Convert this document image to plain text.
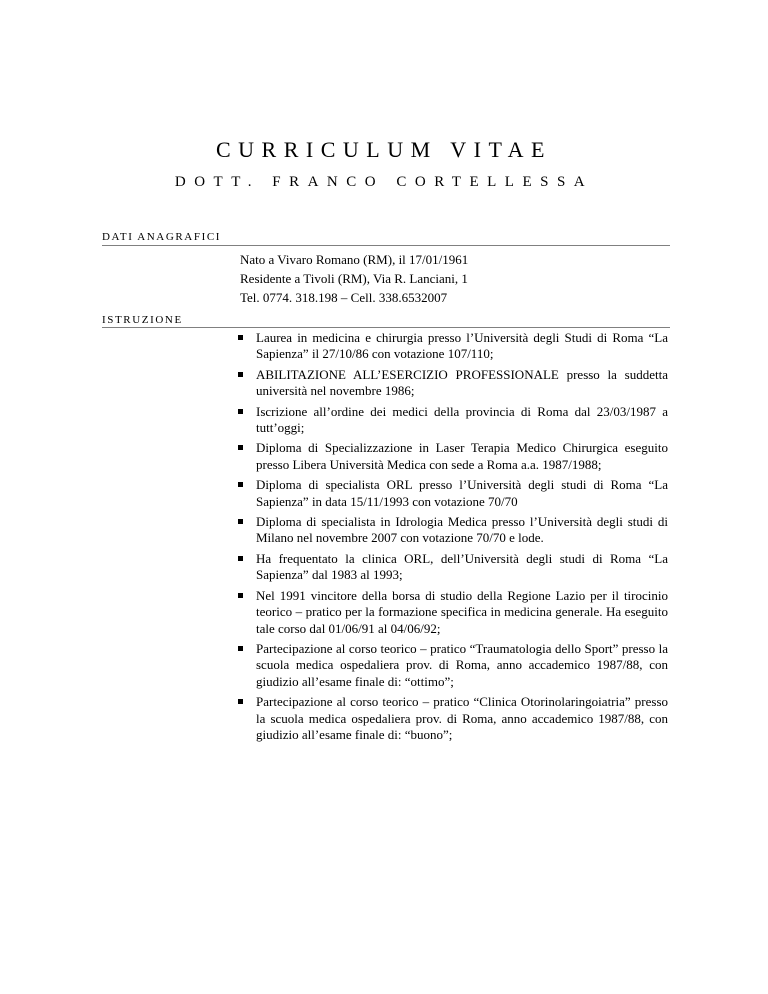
CURRICULUM VITAE
DOTT. FRANCO CORTELLESSA
DATI ANAGRAFICI
Nato a Vivaro Romano (RM), il 17/01/1961
Residente a Tivoli (RM), Via R. Lanciani, 1
Tel. 0774. 318.198 – Cell. 338.6532007
ISTRUZIONE
Laurea in medicina e chirurgia presso l’Università degli Studi di Roma “La Sapienza” il 27/10/86 con votazione 107/110;
ABILITAZIONE ALL’ESERCIZIO PROFESSIONALE presso la suddetta università nel novembre 1986;
Iscrizione all’ordine dei medici della provincia di Roma dal 23/03/1987 a tutt’oggi;
Diploma di Specializzazione in Laser Terapia Medico Chirurgica eseguito presso Libera Università Medica con sede a Roma a.a. 1987/1988;
Diploma di specialista ORL presso l’Università degli studi di Roma “La Sapienza” in data 15/11/1993 con votazione 70/70
Diploma di specialista in Idrologia Medica presso l’Università degli studi di Milano nel novembre 2007 con votazione 70/70 e lode.
Ha frequentato la clinica ORL, dell’Università degli studi di Roma “La Sapienza” dal 1983 al 1993;
Nel 1991 vincitore della borsa di studio della Regione Lazio per il tirocinio teorico – pratico per la formazione specifica in medicina generale. Ha eseguito tale corso dal 01/06/91 al 04/06/92;
Partecipazione al corso teorico – pratico “Traumatologia dello Sport” presso la scuola medica ospedaliera prov. di Roma, anno accademico 1987/88, con giudizio all’esame finale di: “ottimo”;
Partecipazione al corso teorico – pratico “Clinica Otorinolaringoiatria” presso la scuola medica ospedaliera prov. di Roma, anno accademico 1987/88, con giudizio all’esame finale di: “buono”;
